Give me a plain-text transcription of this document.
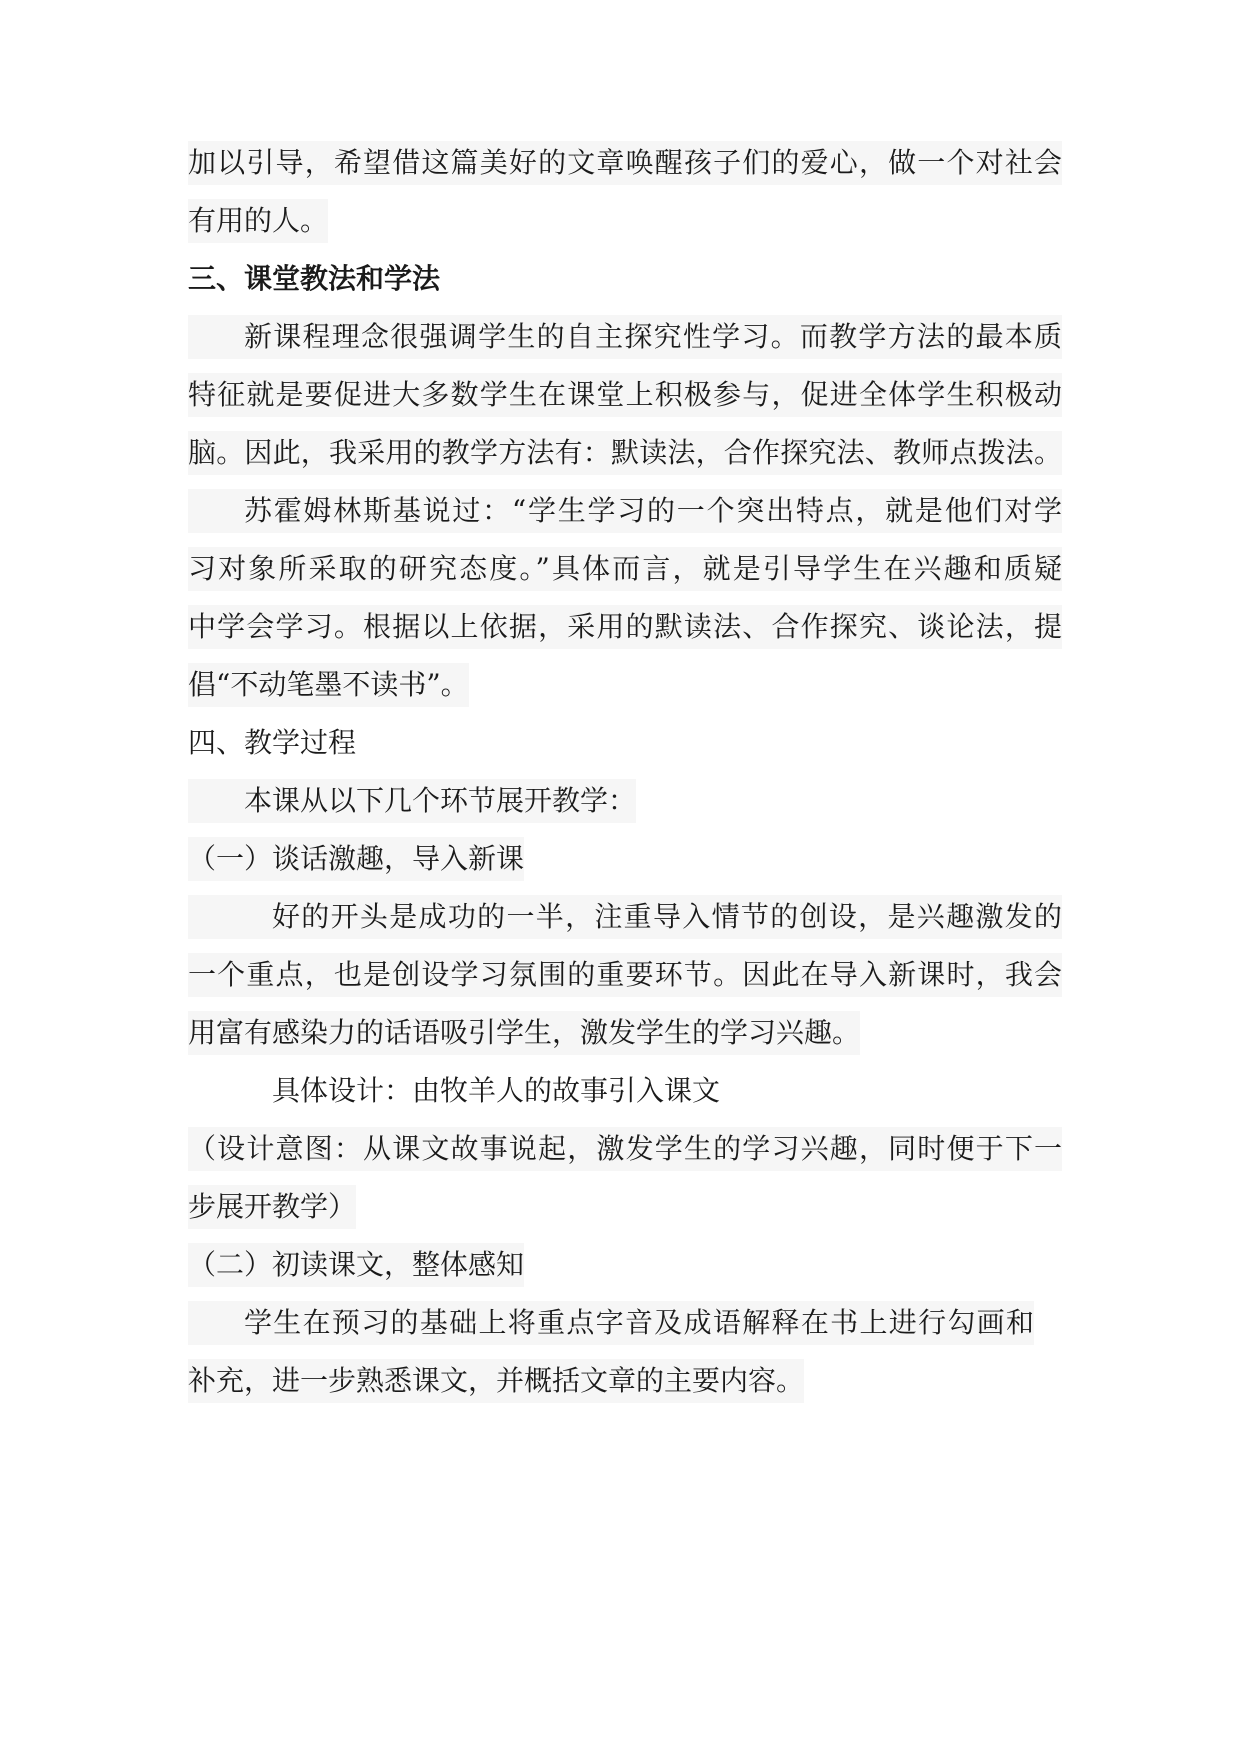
加以引导，希望借这篇美好的文章唤醒孩子们的爱心，做一个对社会
有用的人。
三、课堂教法和学法
新课程理念很强调学生的自主探究性学习。而教学方法的最本质
特征就是要促进大多数学生在课堂上积极参与，促进全体学生积极动
脑。因此，我采用的教学方法有：默读法，合作探究法、教师点拨法。
苏霍姆林斯基说过：“学生学习的一个突出特点，就是他们对学
习对象所采取的研究态度。”具体而言，就是引导学生在兴趣和质疑
中学会学习。根据以上依据，采用的默读法、合作探究、谈论法，提
倡“不动笔墨不读书”。
四、教学过程
本课从以下几个环节展开教学：
（一）谈话激趣，导入新课
好的开头是成功的一半，注重导入情节的创设，是兴趣激发的
一个重点，也是创设学习氛围的重要环节。因此在导入新课时，我会
用富有感染力的话语吸引学生，激发学生的学习兴趣。
具体设计：由牧羊人的故事引入课文
（设计意图：从课文故事说起，激发学生的学习兴趣，同时便于下一
步展开教学）
（二）初读课文，整体感知
学生在预习的基础上将重点字音及成语解释在书上进行勾画和
补充，进一步熟悉课文，并概括文章的主要内容。
